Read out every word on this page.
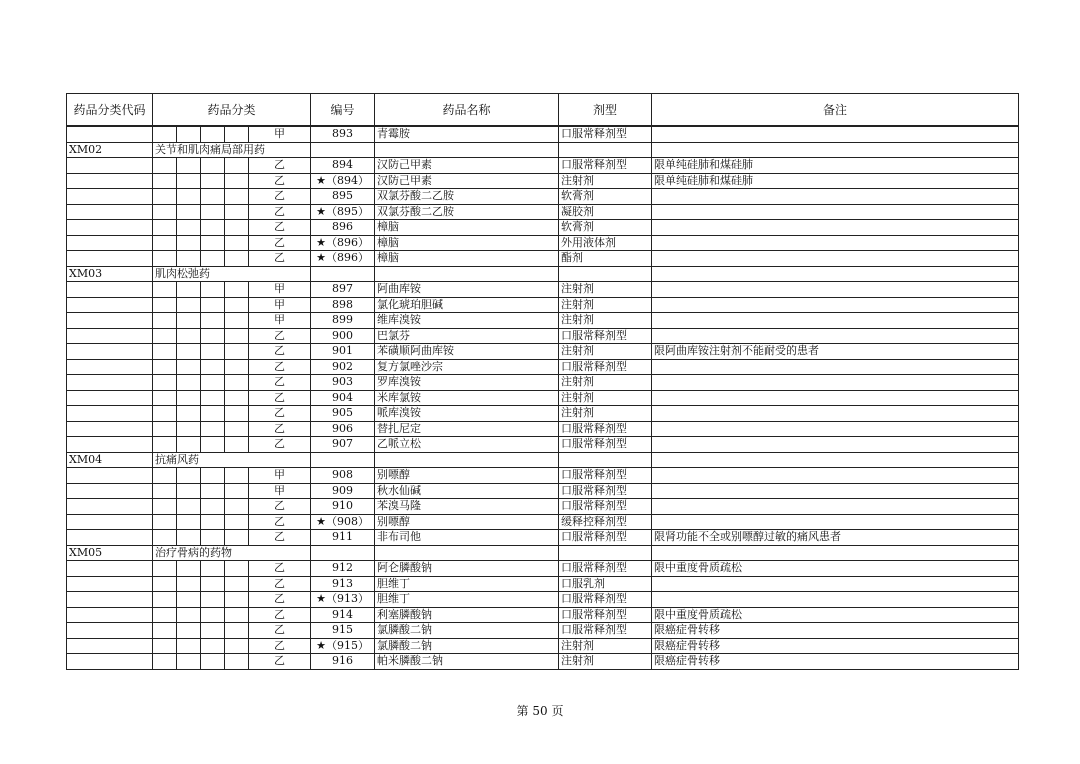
药品分类代码	药品分类					编号	药品名称	剂型	备注
					甲	893	青霉胺	口服常释剂型	
XM02	关节和肌肉痛局部用药								
					乙	894	汉防己甲素	口服常释剂型	限单纯硅肺和煤硅肺
					乙	★（894）	汉防己甲素	注射剂	限单纯硅肺和煤硅肺
					乙	895	双氯芬酸二乙胺	软膏剂	
					乙	★（895）	双氯芬酸二乙胺	凝胶剂	
					乙	896	樟脑	软膏剂	
					乙	★（896）	樟脑	外用液体剂	
					乙	★（896）	樟脑	酯剂	
XM03	肌肉松弛药								
					甲	897	阿曲库铵	注射剂	
					甲	898	氯化琥珀胆碱	注射剂	
					甲	899	维库溴铵	注射剂	
					乙	900	巴氯芬	口服常释剂型	
					乙	901	苯磺顺阿曲库铵	注射剂	限阿曲库铵注射剂不能耐受的患者
					乙	902	复方氯唑沙宗	口服常释剂型	
					乙	903	罗库溴铵	注射剂	
					乙	904	米库氯铵	注射剂	
					乙	905	哌库溴铵	注射剂	
					乙	906	替扎尼定	口服常释剂型	
					乙	907	乙哌立松	口服常释剂型	
XM04	抗痛风药								
					甲	908	别嘌醇	口服常释剂型	
					甲	909	秋水仙碱	口服常释剂型	
					乙	910	苯溴马隆	口服常释剂型	
					乙	★（908）	别嘌醇	缓释控释剂型	
					乙	911	非布司他	口服常释剂型	限肾功能不全或别嘌醇过敏的痛风患者
XM05	治疗骨病的药物								
					乙	912	阿仑膦酸钠	口服常释剂型	限中重度骨质疏松
					乙	913	胆维丁	口服乳剂	
					乙	★（913）	胆维丁	口服常释剂型	
					乙	914	利塞膦酸钠	口服常释剂型	限中重度骨质疏松
					乙	915	氯膦酸二钠	口服常释剂型	限癌症骨转移
					乙	★（915）	氯膦酸二钠	注射剂	限癌症骨转移
					乙	916	帕米膦酸二钠	注射剂	限癌症骨转移
第 50 页
